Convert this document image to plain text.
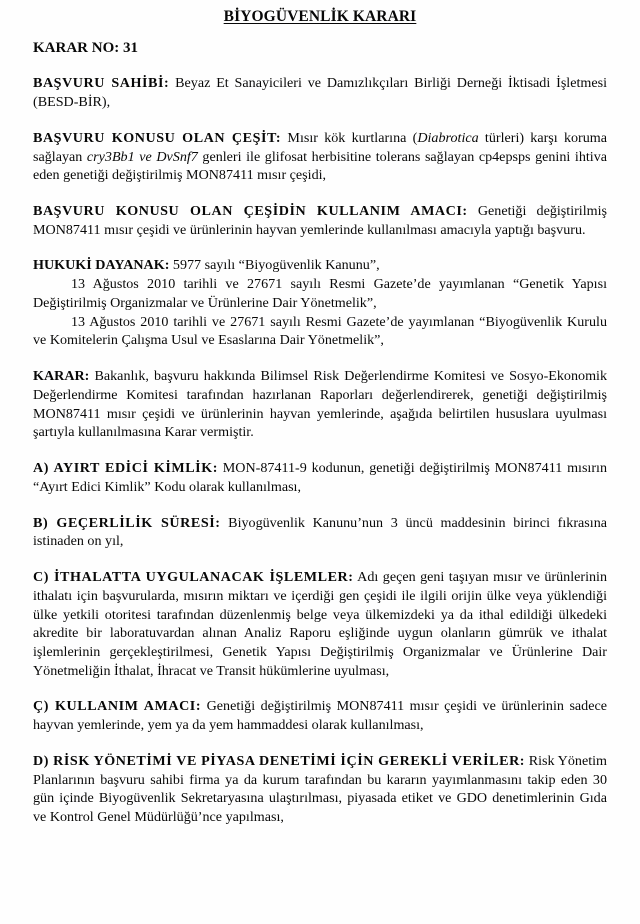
BİYOGÜVENLİK KARARI

KARAR NO: 31

BAŞVURU SAHİBİ: Beyaz Et Sanayicileri ve Damızlıkçıları Birliği Derneği İktisadi İşletmesi (BESD-BİR),

BAŞVURU KONUSU OLAN ÇEŞİT: Mısır kök kurtlarına (Diabrotica türleri) karşı koruma sağlayan cry3Bb1 ve DvSnf7 genleri ile glifosat herbisitine tolerans sağlayan cp4epsps genini ihtiva eden genetiği değiştirilmiş MON87411 mısır çeşidi,

BAŞVURU KONUSU OLAN ÇEŞİDİN KULLANIM AMACI: Genetiği değiştirilmiş MON87411 mısır çeşidi ve ürünlerinin hayvan yemlerinde kullanılması amacıyla yaptığı başvuru.

HUKUKİ DAYANAK: 5977 sayılı “Biyogüvenlik Kanunu”,

13 Ağustos 2010 tarihli ve 27671 sayılı Resmi Gazete’de yayımlanan “Genetik Yapısı Değiştirilmiş Organizmalar ve Ürünlerine Dair Yönetmelik”,

13 Ağustos 2010 tarihli ve 27671 sayılı Resmi Gazete’de yayımlanan “Biyogüvenlik Kurulu ve Komitelerin Çalışma Usul ve Esaslarına Dair Yönetmelik”,

KARAR: Bakanlık, başvuru hakkında Bilimsel Risk Değerlendirme Komitesi ve Sosyo-Ekonomik Değerlendirme Komitesi tarafından hazırlanan Raporları değerlendirerek, genetiği değiştirilmiş MON87411 mısır çeşidi ve ürünlerinin hayvan yemlerinde, aşağıda belirtilen hususlara uyulması şartıyla kullanılmasına Karar vermiştir.

A) AYIRT EDİCİ KİMLİK: MON-87411-9 kodunun, genetiği değiştirilmiş MON87411 mısırın “Ayırt Edici Kimlik” Kodu olarak kullanılması,

B) GEÇERLİLİK SÜRESİ: Biyogüvenlik Kanunu’nun 3 üncü maddesinin birinci fıkrasına istinaden on yıl,

C) İTHALATTA UYGULANACAK İŞLEMLER: Adı geçen geni taşıyan mısır ve ürünlerinin ithalatı için başvurularda, mısırın miktarı ve içerdiği gen çeşidi ile ilgili orijin ülke veya yüklendiği ülke yetkili otoritesi tarafından düzenlenmiş belge veya ülkemizdeki ya da ithal edildiği ülkedeki akredite bir laboratuvardan alınan Analiz Raporu eşliğinde uygun olanların gümrük ve ithalat işlemlerinin gerçekleştirilmesi, Genetik Yapısı Değiştirilmiş Organizmalar ve Ürünlerine Dair Yönetmeliğin İthalat, İhracat ve Transit hükümlerine uyulması,

Ç) KULLANIM AMACI: Genetiği değiştirilmiş MON87411 mısır çeşidi ve ürünlerinin sadece hayvan yemlerinde, yem ya da yem hammaddesi olarak kullanılması,

D) RİSK YÖNETİMİ VE PİYASA DENETİMİ İÇİN GEREKLİ VERİLER: Risk Yönetim Planlarının başvuru sahibi firma ya da kurum tarafından bu kararın yayımlanmasını takip eden 30 gün içinde Biyogüvenlik Sekretaryasına ulaştırılması, piyasada etiket ve GDO denetimlerinin Gıda ve Kontrol Genel Müdürlüğü’nce yapılması,
